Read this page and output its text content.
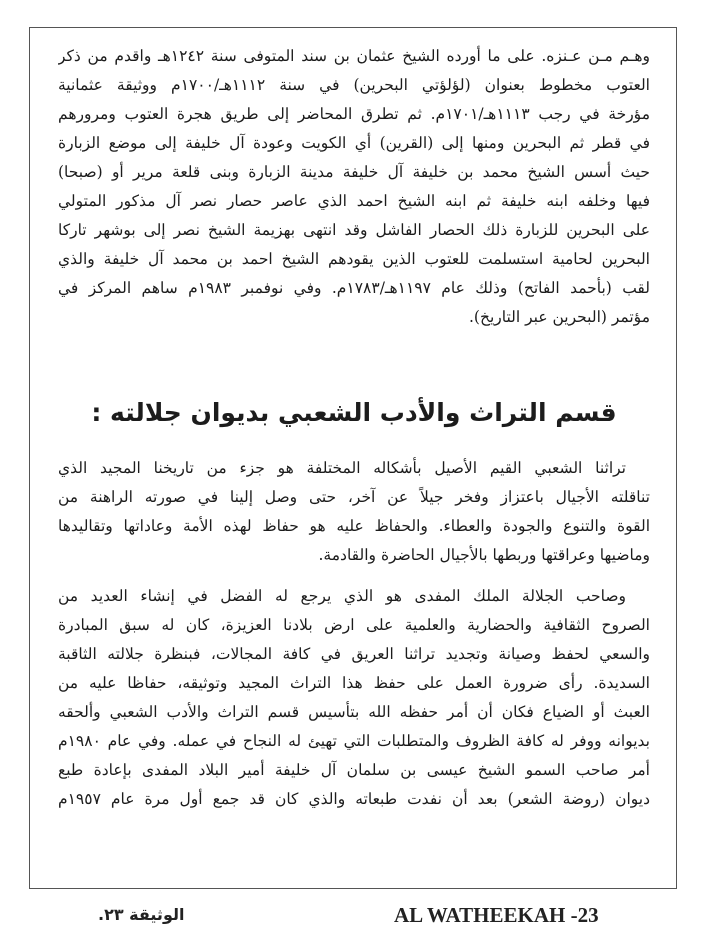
وهـم مـن عـنزه. على ما أورده الشيخ عثمان بن سند المتوفى سنة ١٢٤٢هـ واقدم من ذكر
العتوب مخطوط بعنوان (لؤلؤتي البحرين) في سنة ١١١٢هـ/١٧٠٠م ووثيقة عثمانية
مؤرخة في رجب ١١١٣هـ/١٧٠١م. ثم تطرق المحاضر إلى طريق هجرة العتوب ومرورهم
في قطر ثم البحرين ومنها إلى (القرين) أي الكويت وعودة آل خليفة إلى موضع الزبارة
حيث أسس الشيخ محمد بن خليفة آل خليفة مدينة الزبارة وبنى قلعة مرير أو (صبحا)
فيها وخلفه ابنه خليفة ثم ابنه الشيخ احمد الذي عاصر حصار نصر آل مذكور المتولي
على البحرين للزبارة ذلك الحصار الفاشل وقد انتهى بهزيمة الشيخ نصر إلى بوشهر تاركا
البحرين لحامية استسلمت للعتوب الذين يقودهم الشيخ احمد بن محمد آل خليفة والذي
لقب (بأحمد الفاتح) وذلك عام ١١٩٧هـ/١٧٨٣م. وفي نوفمبر ١٩٨٣م ساهم المركز في
مؤتمر (البحرين عبر التاريخ).
قسم التراث والأدب الشعبي بديوان جلالته :
تراثنا الشعبي القيم الأصيل بأشكاله المختلفة هو جزء من تاريخنا المجيد الذي
تناقلته الأجيال باعتزاز وفخر جيلاً عن آخر، حتى وصل إلينا في صورته الراهنة من
القوة والتنوع والجودة والعطاء. والحفاظ عليه هو حفاظ لهذه الأمة وعاداتها وتقاليدها
وماضيها وعراقتها وربطها بالأجيال الحاضرة والقادمة.
وصاحب الجلالة الملك المفدى هو الذي يرجع له الفضل في إنشاء العديد من
الصروح الثقافية والحضارية والعلمية على ارض بلادنا العزيزة، كان له سبق المبادرة
والسعي لحفظ وصيانة وتجديد تراثنا العريق في كافة المجالات، فبنظرة جلالته الثاقبة
السديدة. رأى ضرورة العمل على حفظ هذا التراث المجيد وتوثيقه، حفاظا عليه من
العبث أو الضياع فكان أن أمر حفظه الله بتأسيس قسم التراث والأدب الشعبي وألحقه
بديوانه ووفر له كافة الظروف والمتطلبات التي تهيئ له النجاح في عمله. وفي عام ١٩٨٠م
أمر صاحب السمو الشيخ عيسى بن سلمان آل خليفة أمير البلاد المفدى بإعادة طبع
ديوان (روضة الشعر) بعد أن نفدت طبعاته والذي كان قد جمع أول مرة عام ١٩٥٧م
AL WATHEEKAH -23
الوثيقة ٢٣.
